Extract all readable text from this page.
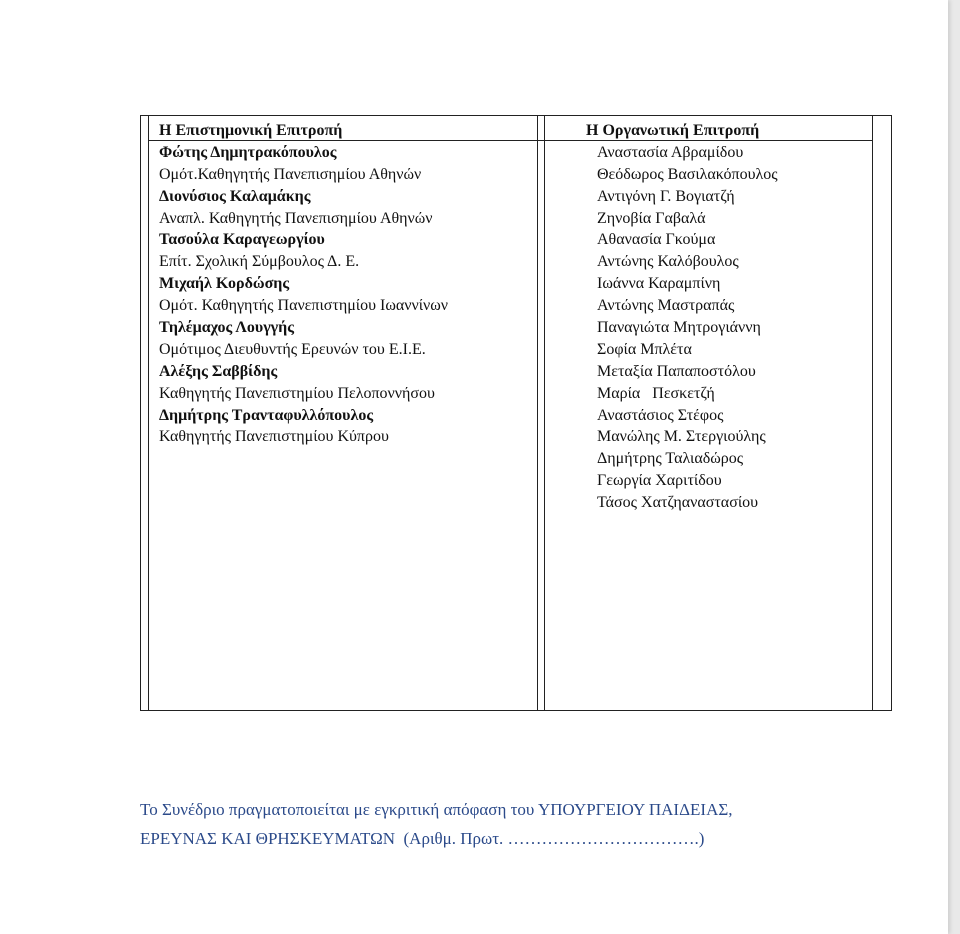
Η Επιστημονική Επιτροπή
Φώτης Δημητρακόπουλος
Ομότ.Καθηγητής Πανεπισημίου Αθηνών
Διονύσιος Καλαμάκης
Αναπλ. Καθηγητής Πανεπισημίου Αθηνών
Τασούλα Καραγεωργίου
Επίτ. Σχολική Σύμβουλος Δ. Ε.
Μιχαήλ Κορδώσης
Ομότ. Καθηγητής Πανεπιστημίου Ιωαννίνων
Τηλέμαχος Λουγγής
Ομότιμος Διευθυντής Ερευνών του Ε.Ι.Ε.
Αλέξης Σαββίδης
Καθηγητής Πανεπιστημίου Πελοποννήσου
Δημήτρης Τρανταφυλλόπουλος
Καθηγητής Πανεπιστημίου Κύπρου
Η Οργανωτική Επιτροπή
Αναστασία Αβραμίδου
Θεόδωρος Βασιλακόπουλος
Αντιγόνη Γ. Βογιατζή
Ζηνοβία Γαβαλά
Αθανασία Γκούμα
Αντώνης Καλόβουλος
Ιωάννα Καραμπίνη
Αντώνης Μαστραπάς
Παναγιώτα Μητρογιάννη
Σοφία Μπλέτα
Μεταξία Παπαποστόλου
Μαρία   Πεσκετζή
Αναστάσιος Στέφος
Μανώλης Μ. Στεργιούλης
Δημήτρης Ταλιαδώρος
Γεωργία Χαριτίδου
Τάσος Χατζηαναστασίου
Το Συνέδριο πραγματοποιείται με εγκριτική απόφαση του ΥΠΟΥΡΓΕΙΟΥ ΠΑΙΔΕΙΑΣ,
ΕΡΕΥΝΑΣ ΚΑΙ ΘΡΗΣΚΕΥΜΑΤΩΝ  (Αριθμ. Πρωτ. …………………………….)
